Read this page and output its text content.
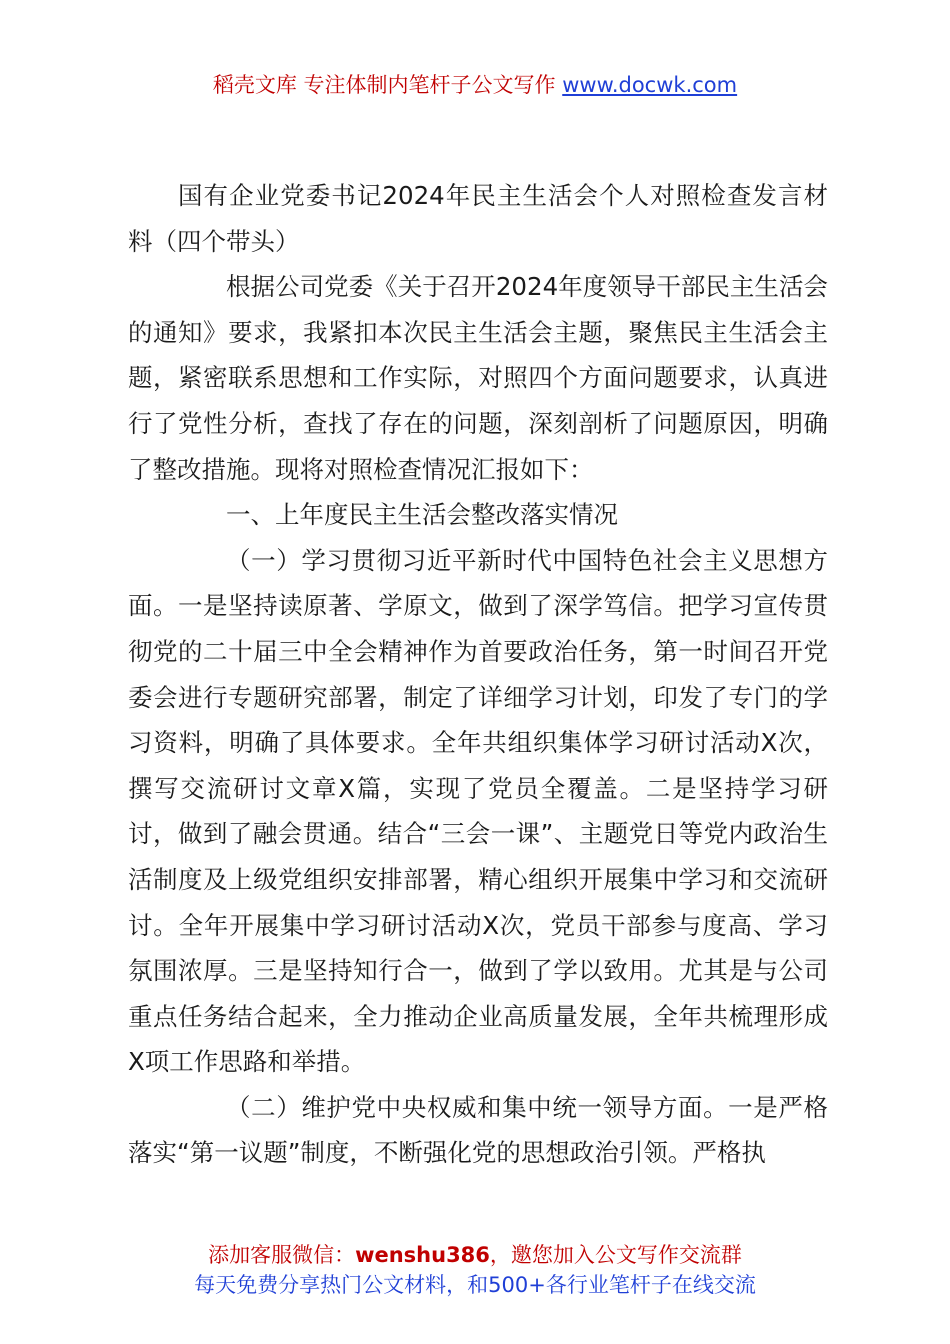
稻壳文库 专注体制内笔杆子公文写作 www.docwk.com

国有企业党委书记2024年民主生活会个人对照检查发言材料（四个带头）

根据公司党委《关于召开2024年度领导干部民主生活会的通知》要求，我紧扣本次民主生活会主题，聚焦民主生活会主题，紧密联系思想和工作实际，对照四个方面问题要求，认真进行了党性分析，查找了存在的问题，深刻剖析了问题原因，明确了整改措施。现将对照检查情况汇报如下：

一、上年度民主生活会整改落实情况

（一）学习贯彻习近平新时代中国特色社会主义思想方面。一是坚持读原著、学原文，做到了深学笃信。把学习宣传贯彻党的二十届三中全会精神作为首要政治任务，第一时间召开党委会进行专题研究部署，制定了详细学习计划，印发了专门的学习资料，明确了具体要求。全年共组织集体学习研讨活动X次，撰写交流研讨文章X篇，实现了党员全覆盖。二是坚持学习研讨，做到了融会贯通。结合“三会一课”、主题党日等党内政治生活制度及上级党组织安排部署，精心组织开展集中学习和交流研讨。全年开展集中学习研讨活动X次，党员干部参与度高、学习氛围浓厚。三是坚持知行合一，做到了学以致用。尤其是与公司重点任务结合起来，全力推动企业高质量发展，全年共梳理形成X项工作思路和举措。

（二）维护党中央权威和集中统一领导方面。一是严格落实“第一议题”制度，不断强化党的思想政治引领。严格执

添加客服微信：wenshu386，邀您加入公文写作交流群
每天免费分享热门公文材料，和500+各行业笔杆子在线交流
